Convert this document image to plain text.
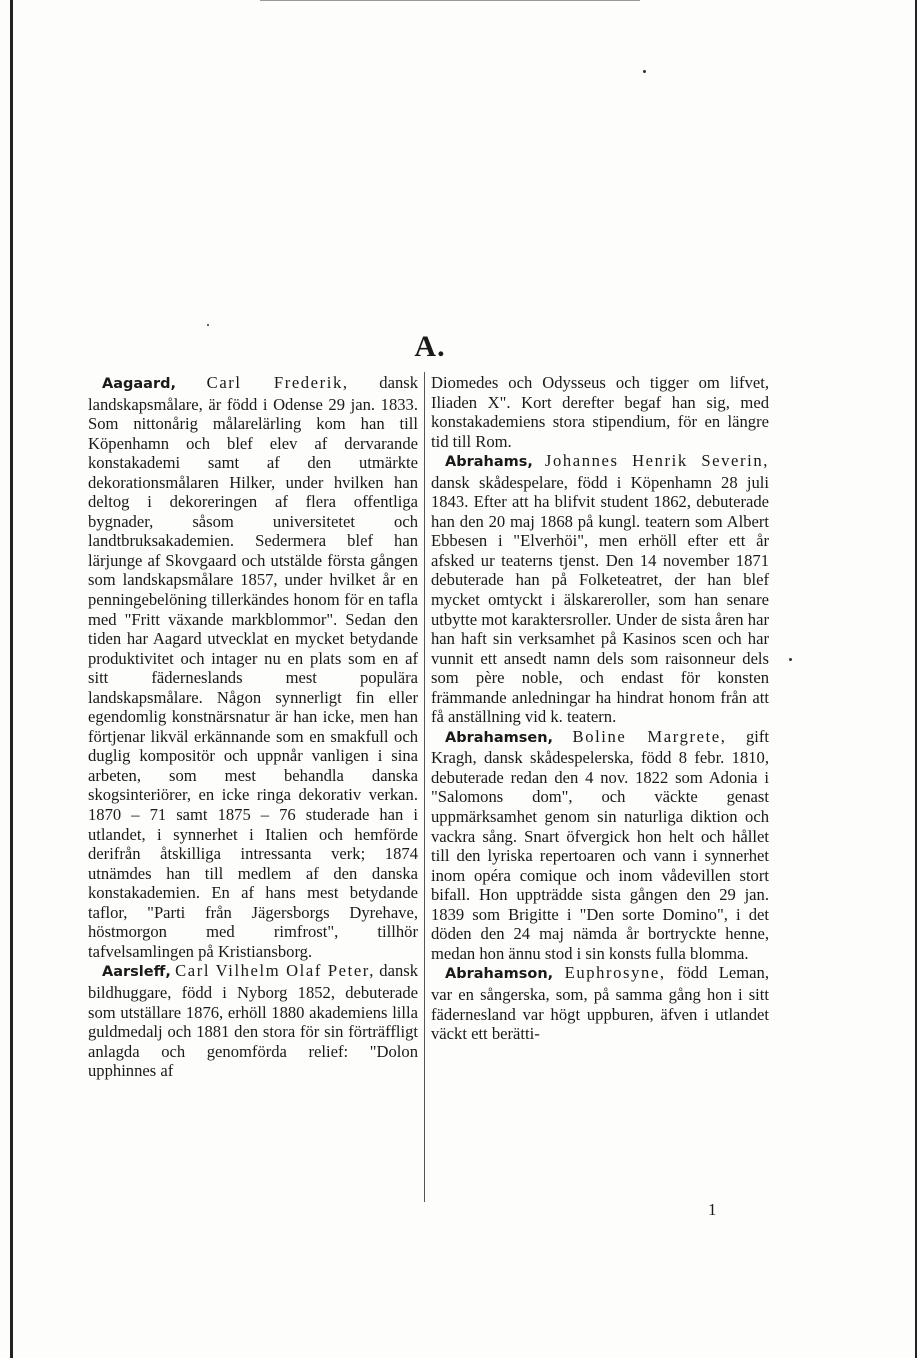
A.

Aagaard, Carl Frederik, dansk landskapsmålare, är född i Odense 29 jan. 1833. Som nittonårig målarelärling kom han till Köpenhamn och blef elev af dervarande konstakademi samt af den utmärkte dekorationsmålaren Hilker, under hvilken han deltog i dekoreringen af flera offentliga bygnader, såsom universitetet och landtbruksakademien. Sedermera blef han lärjunge af Skovgaard och utstälde första gången som landskapsmålare 1857, under hvilket år en penningebelöning tillerkändes honom för en tafla med "Fritt växande markblommor". Sedan den tiden har Aagard utvecklat en mycket betydande produktivitet och intager nu en plats som en af sitt fäderneslands mest populära landskapsmålare. Någon synnerligt fin eller egendomlig konstnärsnatur är han icke, men han förtjenar likväl erkännande som en smakfull och duglig kompositör och uppnår vanligen i sina arbeten, som mest behandla danska skogsinteriörer, en icke ringa dekorativ verkan. 1870 – 71 samt 1875 – 76 studerade han i utlandet, i synnerhet i Italien och hemförde derifrån åtskilliga intressanta verk; 1874 utnämdes han till medlem af den danska konstakademien. En af hans mest betydande taflor, "Parti från Jägersborgs Dyrehave, höstmorgon med rimfrost", tillhör tafvelsamlingen på Kristiansborg.

Aarsleff, Carl Vilhelm Olaf Peter, dansk bildhuggare, född i Nyborg 1852, debuterade som utställare 1876, erhöll 1880 akademiens lilla guldmedalj och 1881 den stora för sin förträffligt anlagda och genomförda relief: "Dolon upphinnes af

Diomedes och Odysseus och tigger om lifvet, Iliaden X". Kort derefter begaf han sig, med konstakademiens stora stipendium, för en längre tid till Rom.

Abrahams, Johannes Henrik Severin, dansk skådespelare, född i Köpenhamn 28 juli 1843. Efter att ha blifvit student 1862, debuterade han den 20 maj 1868 på kungl. teatern som Albert Ebbesen i "Elverhöi", men erhöll efter ett år afsked ur teaterns tjenst. Den 14 november 1871 debuterade han på Folketeatret, der han blef mycket omtyckt i älskareroller, som han senare utbytte mot karaktersroller. Under de sista åren har han haft sin verksamhet på Kasinos scen och har vunnit ett ansedt namn dels som raisonneur dels som père noble, och endast för konsten främmande anledningar ha hindrat honom från att få anställning vid k. teatern.

Abrahamsen, Boline Margrete, gift Kragh, dansk skådespelerska, född 8 febr. 1810, debuterade redan den 4 nov. 1822 som Adonia i "Salomons dom", och väckte genast uppmärksamhet genom sin naturliga diktion och vackra sång. Snart öfvergick hon helt och hållet till den lyriska repertoaren och vann i synnerhet inom opéra comique och inom vådevillen stort bifall. Hon uppträdde sista gången den 29 jan. 1839 som Brigitte i "Den sorte Domino", i det döden den 24 maj nämda år bortryckte henne, medan hon ännu stod i sin konsts fulla blomma.

Abrahamson, Euphrosyne, född Leman, var en sångerska, som, på samma gång hon i sitt fädernesland var högt uppburen, äfven i utlandet väckt ett berätti-

1
